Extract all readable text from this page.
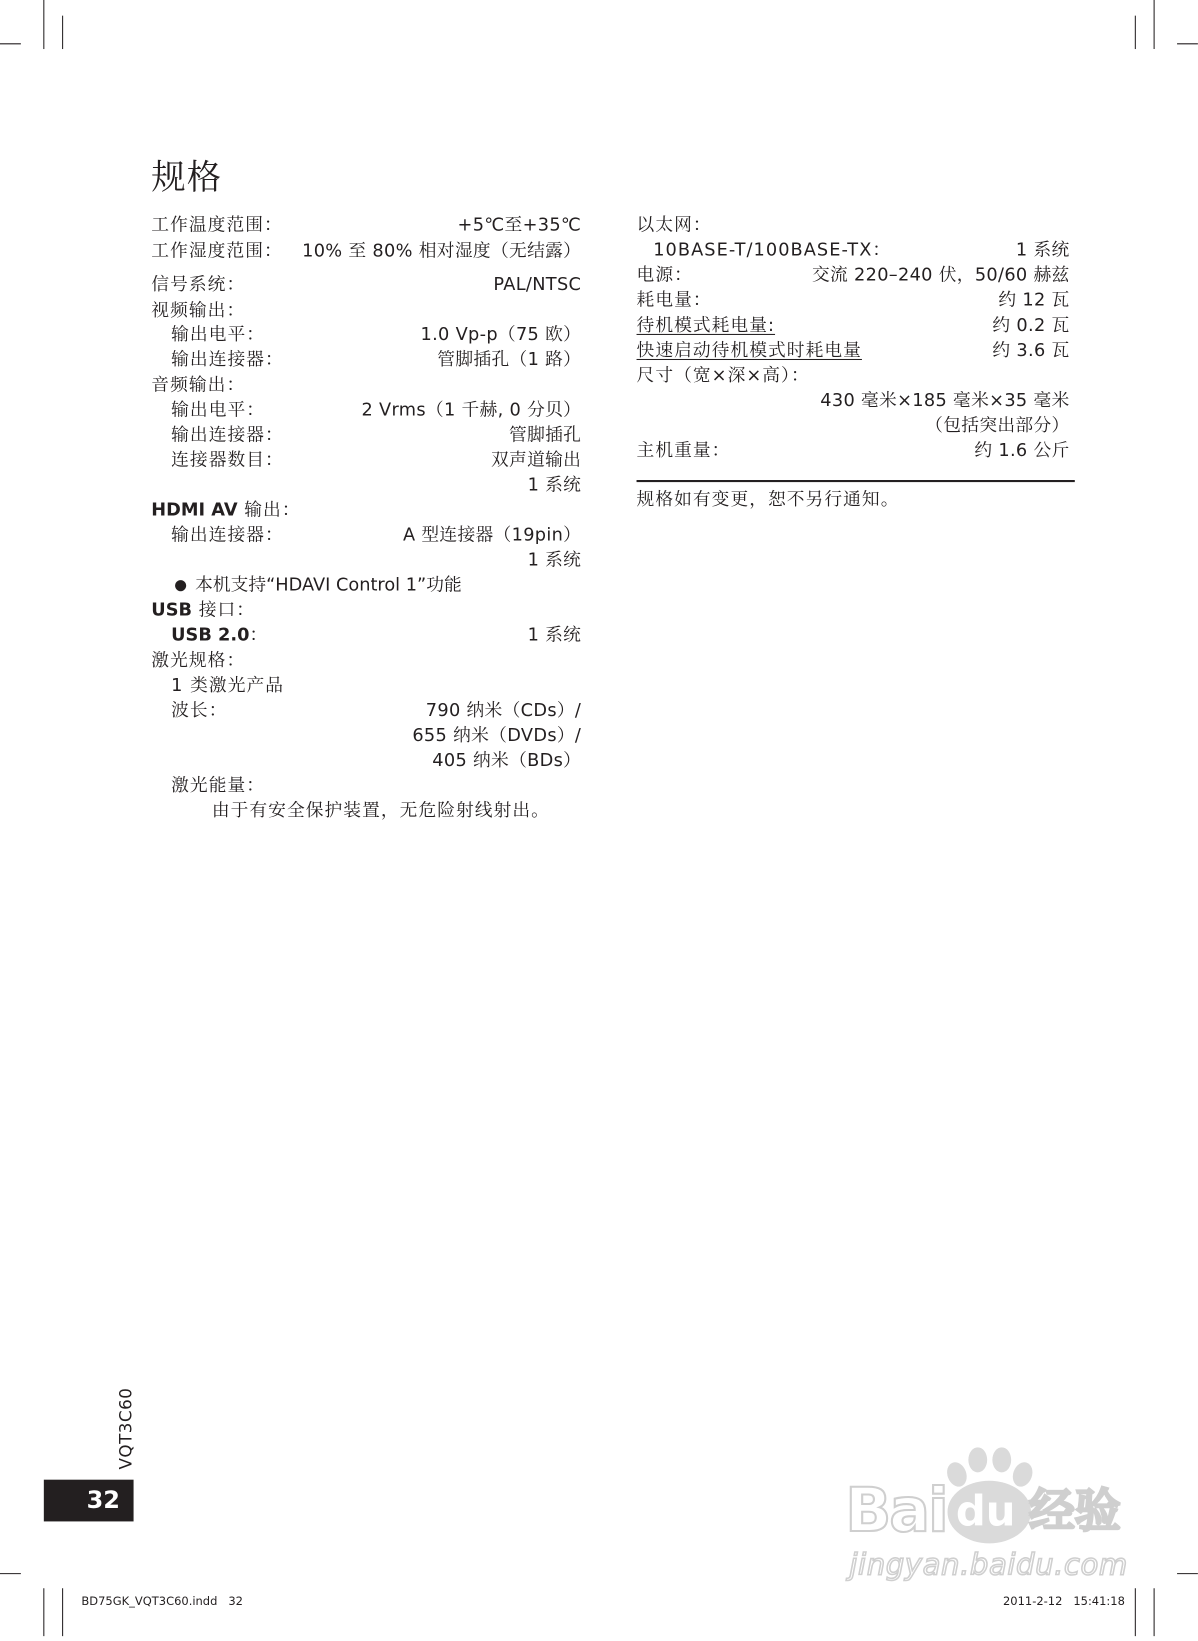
规格
工作温度范围：	+5℃至+35℃
工作湿度范围： 10% 至 80% 相对湿度（无结露）
信号系统：	PAL/NTSC
视频输出：
输出电平：	1.0 Vp-p（75 欧）
输出连接器：	管脚插孔（1 路）
音频输出：
输出电平：	2 Vrms（1 千赫, 0 分贝）
输出连接器：	管脚插孔
连接器数目：	双声道输出
1 系统
HDMI AV 输出：
输出连接器：	A 型连接器（19pin）
1 系统
● 本机支持“HDAVI Control 1”功能
USB 接口：
USB 2.0：	1 系统
激光规格：
1 类激光产品
波长：	790 纳米（CDs）/
655 纳米（DVDs）/
405 纳米（BDs）
激光能量：
由于有安全保护装置，无危险射线射出。
以太网：
10BASE-T/100BASE-TX：	1 系统
电源：	交流 220–240 伏，50/60 赫兹
耗电量：	约 12 瓦
待机模式耗电量:	约 0.2 瓦
快速启动待机模式时耗电量	约 3.6 瓦
尺寸（宽×深×高）：
430 毫米×185 毫米×35 毫米
（包括突出部分）
主机重量：	约 1.6 公斤
规格如有变更，恕不另行通知。
VQT3C60
32
BD75GK_VQT3C60.indd   32	2011-2-12   15:41:18
Bai du 经验
jingyan.baidu.com
